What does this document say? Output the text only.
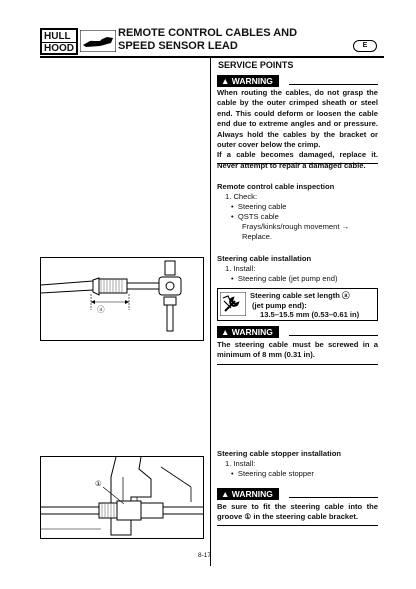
HULL
HOOD
REMOTE CONTROL CABLES AND
SPEED SENSOR LEAD	E
SERVICE POINTS
▲ WARNING
When routing the cables, do not grasp the cable by the outer crimped sheath or steel end. This could deform or loosen the cable end due to extreme angles and or pressure. Always hold the cables by the bracket or outer cover below the crimp.
If a cable becomes damaged, replace it. Never attempt to repair a damaged cable.
Remote control cable inspection
1. Check:
•  Steering cable
•  QSTS cable
Frays/kinks/rough movement →
Replace.
Steering cable installation
1. Install:
•  Steering cable (jet pump end)
Steering cable set length ⓐ
(jet pump end):
13.5–15.5 mm (0.53–0.61 in)
▲ WARNING
The steering cable must be screwed in a minimum of 8 mm (0.31 in).
Steering cable stopper installation
1. Install:
•  Steering cable stopper
▲ WARNING
Be sure to fit the steering cable into the groove ① in the steering cable bracket.
ⓐ
①
8-17
